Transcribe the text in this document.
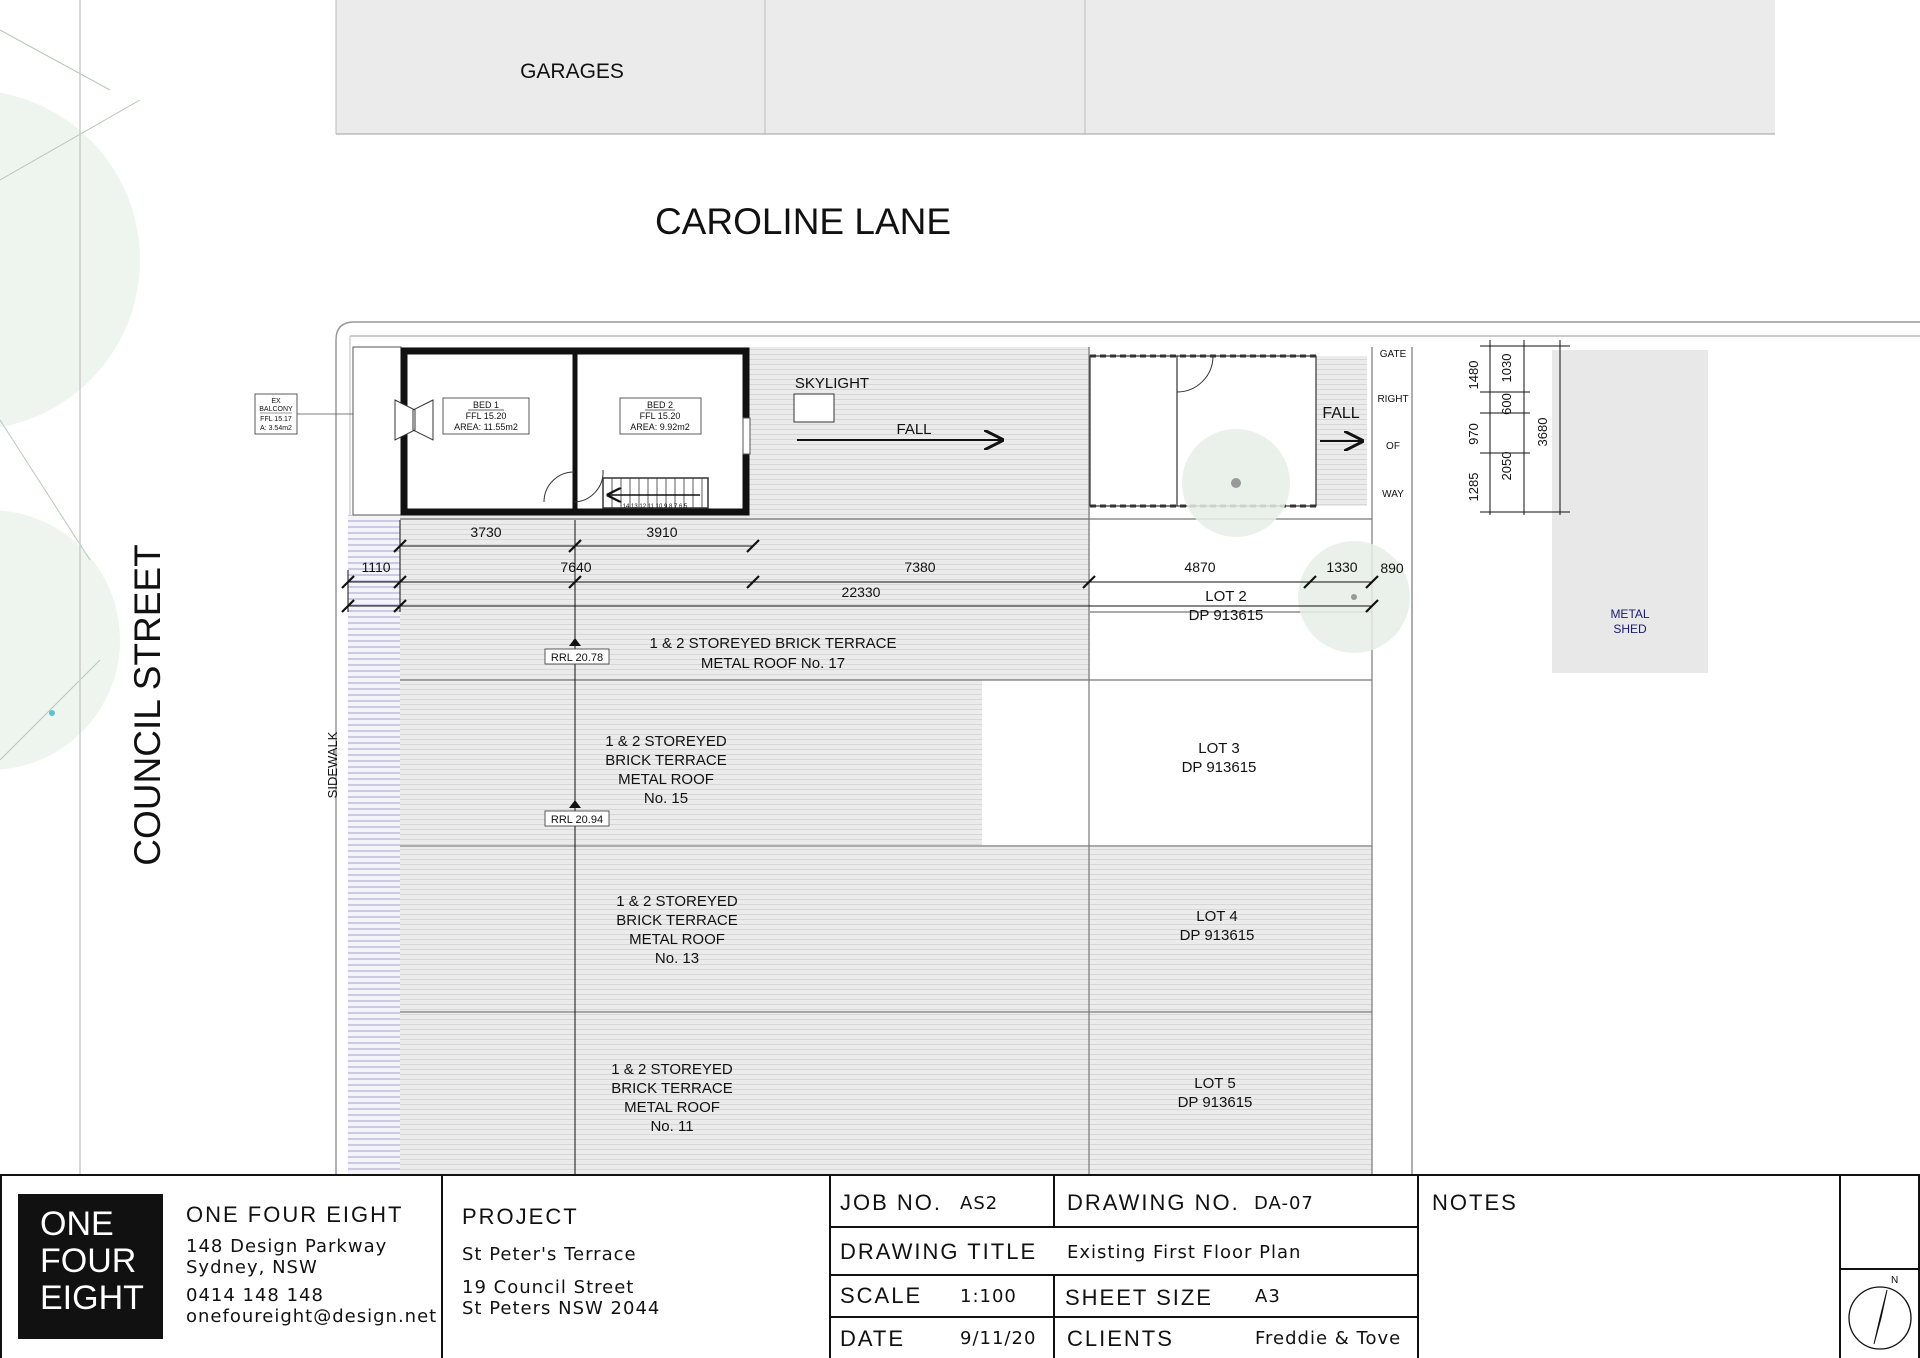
GARAGES
CAROLINE LANE
COUNCIL STREET	SIDEWALK
14 13 12 11 10 9 8 7 6 5
BED 1
FFL 15.20
AREA: 11.55m2
BED 2
FFL 15.20
AREA: 9.92m2
EX
BALCONY
FFL 15.17
A: 3.54m2
SKYLIGHT
FALL
FALL
GATE
RIGHT
OF
WAY
METAL
SHED
3730	3910
1110	7640	7380	4870	1330 890
22330
1480 1030
600
970
2050
3680
1285
RRL 20.78
RRL 20.94
1 & 2 STOREYED BRICK TERRACE
METAL ROOF No. 17
1 & 2 STOREYED
BRICK TERRACE
METAL ROOF
No. 15
1 & 2 STOREYED
BRICK TERRACE
METAL ROOF
No. 13
1 & 2 STOREYED
BRICK TERRACE
METAL ROOF
No. 11
LOT 2
DP 913615
LOT 3
DP 913615
LOT 4
DP 913615
LOT 5
DP 913615
ONE
FOUR
EIGHT
ONE FOUR EIGHT
148 Design Parkway
Sydney, NSW
0414 148 148
onefoureight@design.net
PROJECT
St Peter's Terrace
19 Council Street
St Peters NSW 2044
JOB NO. AS2	DRAWING NO. DA-07
DRAWING TITLE Existing First Floor Plan
SCALE 1:100 SHEET SIZE A3
DATE	9/11/20 CLIENTS	Freddie & Tove
NOTES
N
